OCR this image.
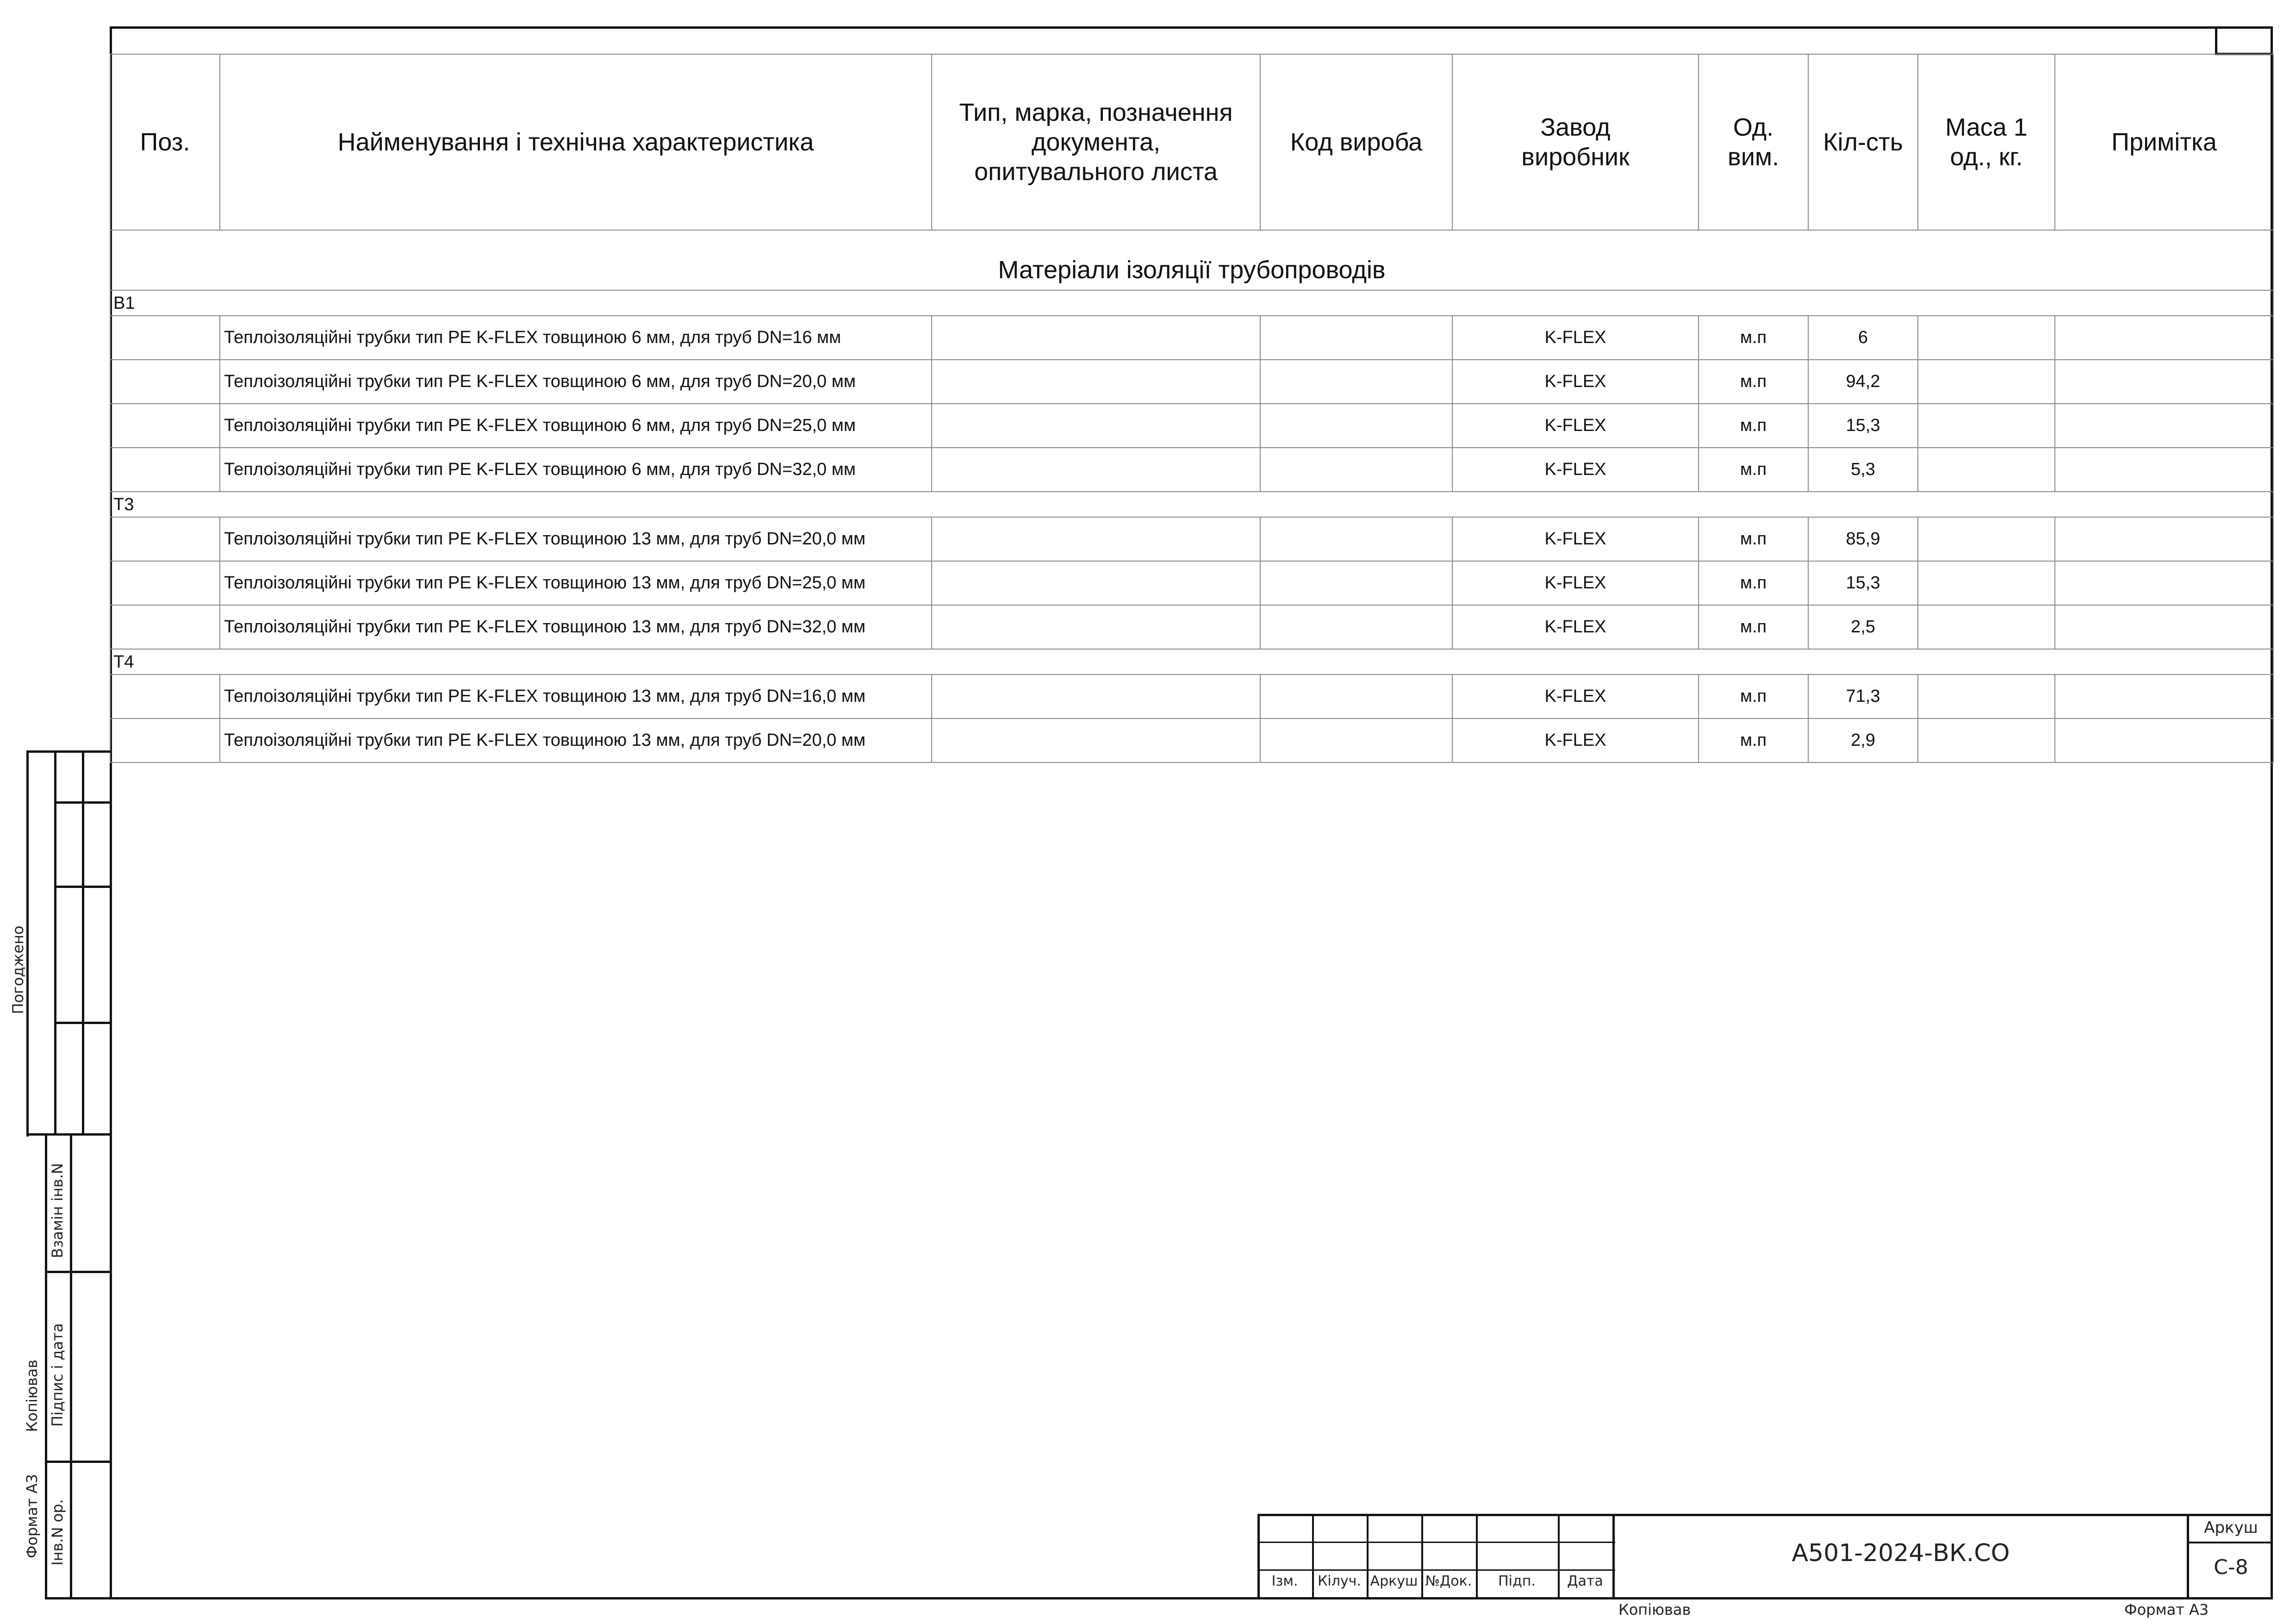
Поз.	Найменування і технічна характеристика	Тип, марка, позначення документа, опитувального листа	Код вироба	Завод виробник	Од. вим.	Кіл-сть	Маса 1 од., кг.	Примітка
Матеріали ізоляції трубопроводів								
В1								
	Теплоізоляційні трубки тип PE K-FLEX товщиною 6 мм, для труб DN=16 мм			K-FLEX	м.п	6		
	Теплоізоляційні трубки тип PE K-FLEX товщиною 6 мм, для труб DN=20,0 мм			K-FLEX	м.п	94,2		
	Теплоізоляційні трубки тип PE K-FLEX товщиною 6 мм, для труб DN=25,0 мм			K-FLEX	м.п	15,3		
	Теплоізоляційні трубки тип PE K-FLEX товщиною 6 мм, для труб DN=32,0 мм			K-FLEX	м.п	5,3		
Т3								
	Теплоізоляційні трубки тип PE K-FLEX товщиною 13 мм, для труб DN=20,0 мм			K-FLEX	м.п	85,9		
	Теплоізоляційні трубки тип PE K-FLEX товщиною 13 мм, для труб DN=25,0 мм			K-FLEX	м.п	15,3		
	Теплоізоляційні трубки тип PE K-FLEX товщиною 13 мм, для труб DN=32,0 мм			K-FLEX	м.п	2,5		
Т4								
	Теплоізоляційні трубки тип PE K-FLEX товщиною 13 мм, для труб DN=16,0 мм			K-FLEX	м.п	71,3		
	Теплоізоляційні трубки тип PE K-FLEX товщиною 13 мм, для труб DN=20,0 мм			K-FLEX	м.п	2,9		
Погоджено
Взамін інв.N
Підпис і дата
Інв.N ор.
Копіював
Формат А3
Ізм.	Кілуч. Аркуш №Док.	Підп.	Дата
А501-2024-ВК.СО
Аркуш
С-8
Копіював	Формат А3
